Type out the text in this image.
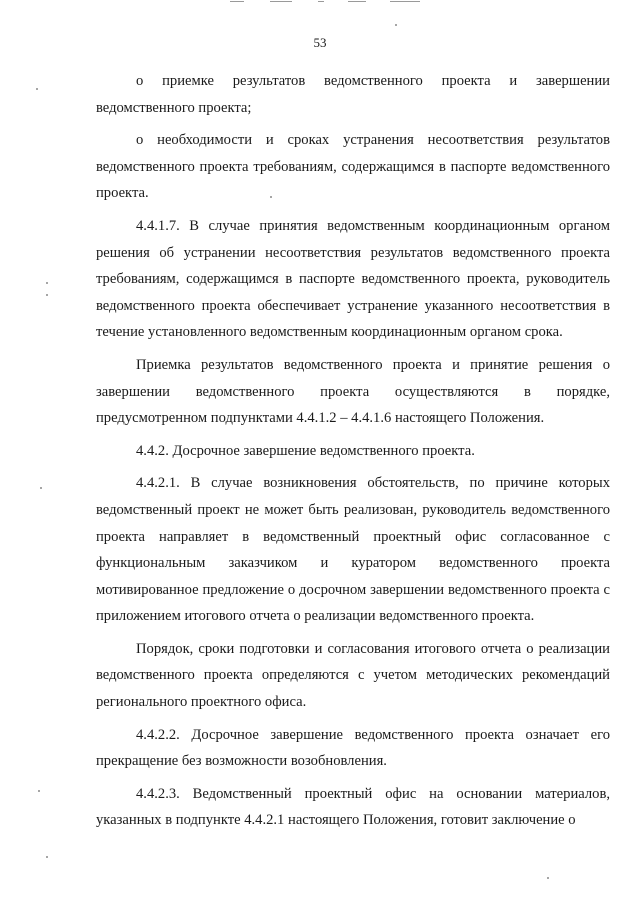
53

о приемке результатов ведомственного проекта и завершении ведомственного проекта;

о необходимости и сроках устранения несоответствия результатов ведомственного проекта требованиям, содержащимся в паспорте ведомственного проекта.

4.4.1.7. В случае принятия ведомственным координационным органом решения об устранении несоответствия результатов ведомственного проекта требованиям, содержащимся в паспорте ведомственного проекта, руководитель ведомственного проекта обеспечивает устранение указанного несоответствия в течение установленного ведомственным координационным органом срока.

Приемка результатов ведомственного проекта и принятие решения о завершении ведомственного проекта осуществляются в порядке, предусмотренном подпунктами 4.4.1.2 – 4.4.1.6 настоящего Положения.

4.4.2. Досрочное завершение ведомственного проекта.

4.4.2.1. В случае возникновения обстоятельств, по причине которых ведомственный проект не может быть реализован, руководитель ведомственного проекта направляет в ведомственный проектный офис согласованное с функциональным заказчиком и куратором ведомственного проекта мотивированное предложение о досрочном завершении ведомственного проекта с приложением итогового отчета о реализации ведомственного проекта.

Порядок, сроки подготовки и согласования итогового отчета о реализации ведомственного проекта определяются с учетом методических рекомендаций регионального проектного офиса.

4.4.2.2. Досрочное завершение ведомственного проекта означает его прекращение без возможности возобновления.

4.4.2.3. Ведомственный проектный офис на основании материалов, указанных в подпункте 4.4.2.1 настоящего Положения, готовит заключение о
